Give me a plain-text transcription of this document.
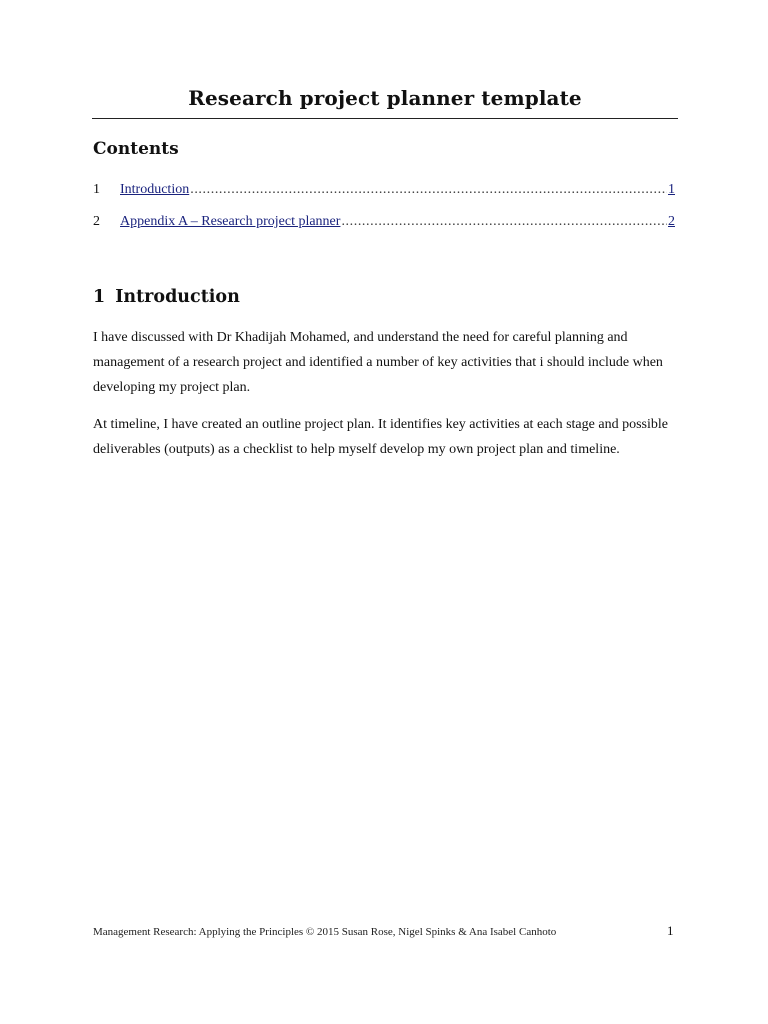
Research project planner template
Contents
1	Introduction .....	1
2	Appendix A – Research project planner .....	2
1 Introduction

I have discussed with Dr Khadijah Mohamed, and understand the need for careful planning and management of a research project and identified a number of key activities that i should include when developing my project plan.

At timeline, I have created an outline project plan. It identifies key activities at each stage and possible deliverables (outputs) as a checklist to help myself develop my own project plan and timeline.

Management Research: Applying the Principles © 2015 Susan Rose, Nigel Spinks & Ana Isabel Canhoto	1
